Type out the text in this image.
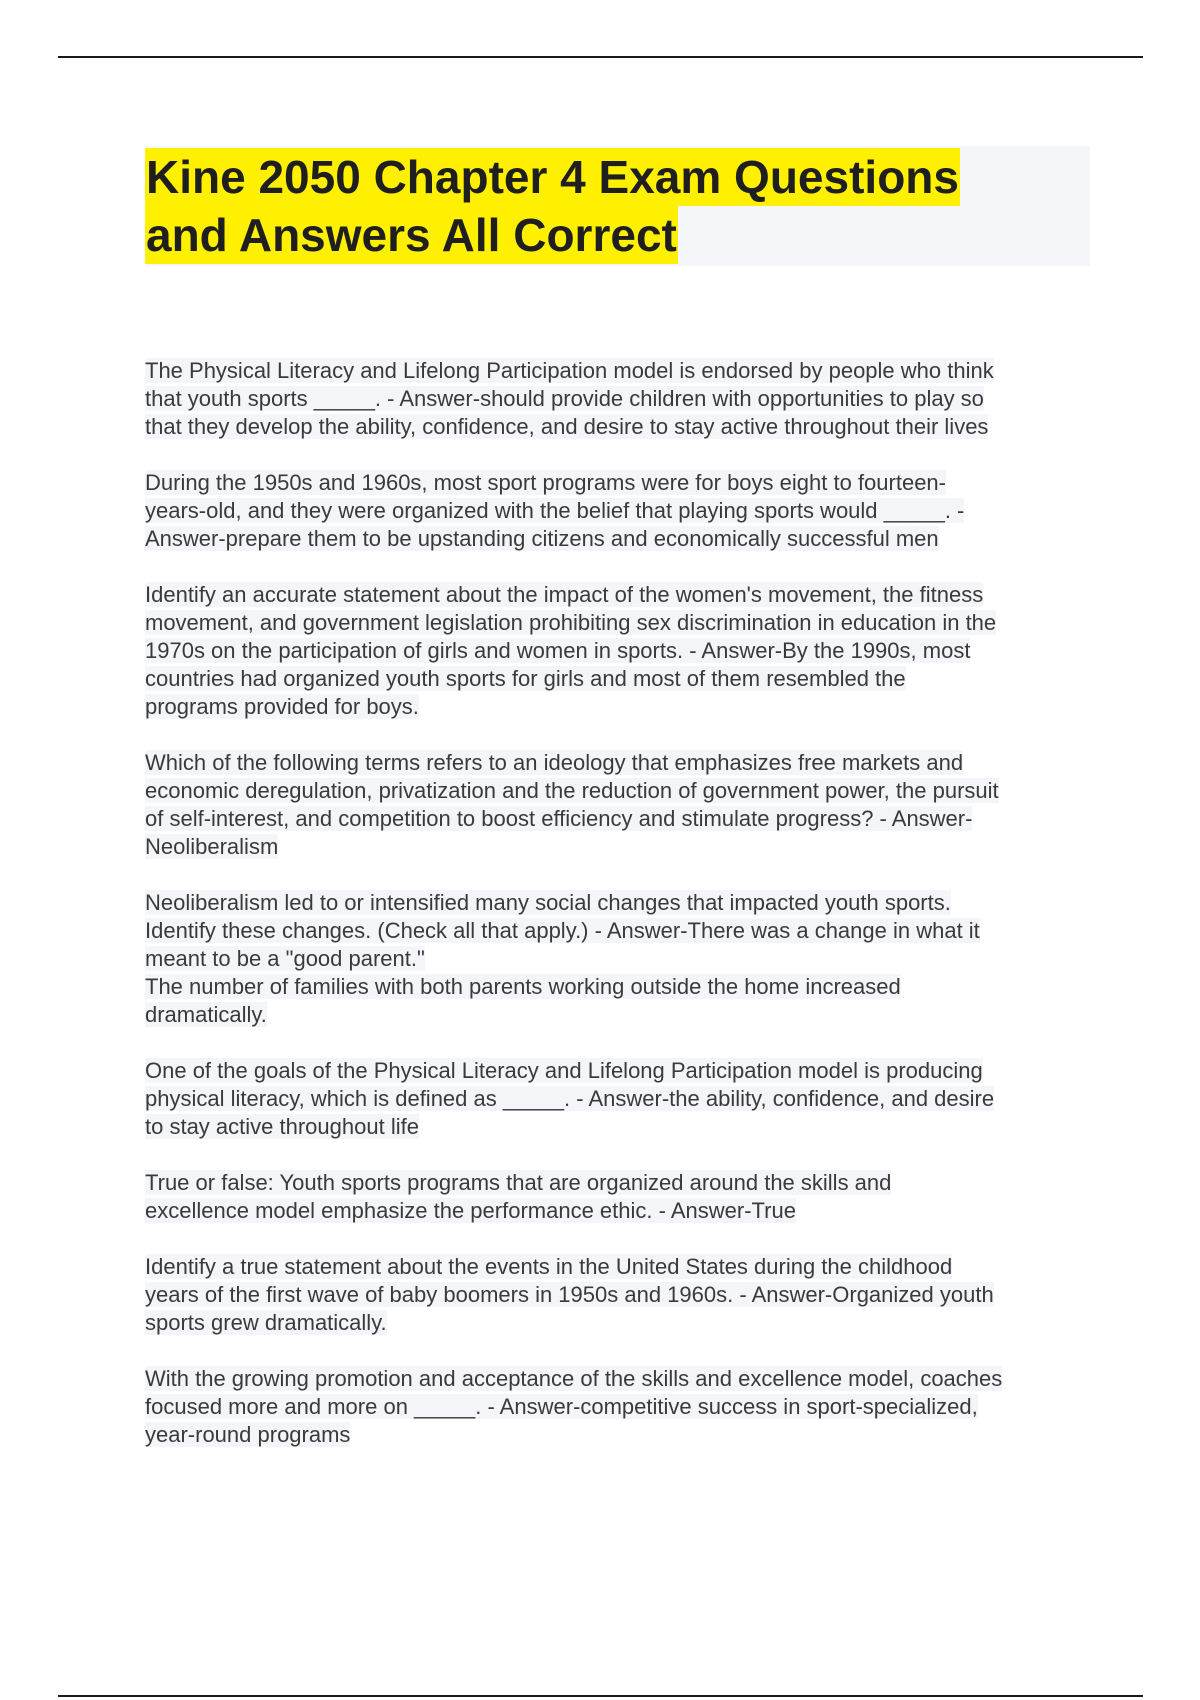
Kine 2050 Chapter 4 Exam Questions
and Answers All Correct
The Physical Literacy and Lifelong Participation model is endorsed by people who think
that youth sports _____. - Answer-should provide children with opportunities to play so
that they develop the ability, confidence, and desire to stay active throughout their lives
During the 1950s and 1960s, most sport programs were for boys eight to fourteen-
years-old, and they were organized with the belief that playing sports would _____. -
Answer-prepare them to be upstanding citizens and economically successful men
Identify an accurate statement about the impact of the women's movement, the fitness
movement, and government legislation prohibiting sex discrimination in education in the
1970s on the participation of girls and women in sports. - Answer-By the 1990s, most
countries had organized youth sports for girls and most of them resembled the
programs provided for boys.
Which of the following terms refers to an ideology that emphasizes free markets and
economic deregulation, privatization and the reduction of government power, the pursuit
of self-interest, and competition to boost efficiency and stimulate progress? - Answer-
Neoliberalism
Neoliberalism led to or intensified many social changes that impacted youth sports.
Identify these changes. (Check all that apply.) - Answer-There was a change in what it
meant to be a "good parent."
The number of families with both parents working outside the home increased
dramatically.
One of the goals of the Physical Literacy and Lifelong Participation model is producing
physical literacy, which is defined as _____. - Answer-the ability, confidence, and desire
to stay active throughout life
True or false: Youth sports programs that are organized around the skills and
excellence model emphasize the performance ethic. - Answer-True
Identify a true statement about the events in the United States during the childhood
years of the first wave of baby boomers in 1950s and 1960s. - Answer-Organized youth
sports grew dramatically.
With the growing promotion and acceptance of the skills and excellence model, coaches
focused more and more on _____. - Answer-competitive success in sport-specialized,
year-round programs
